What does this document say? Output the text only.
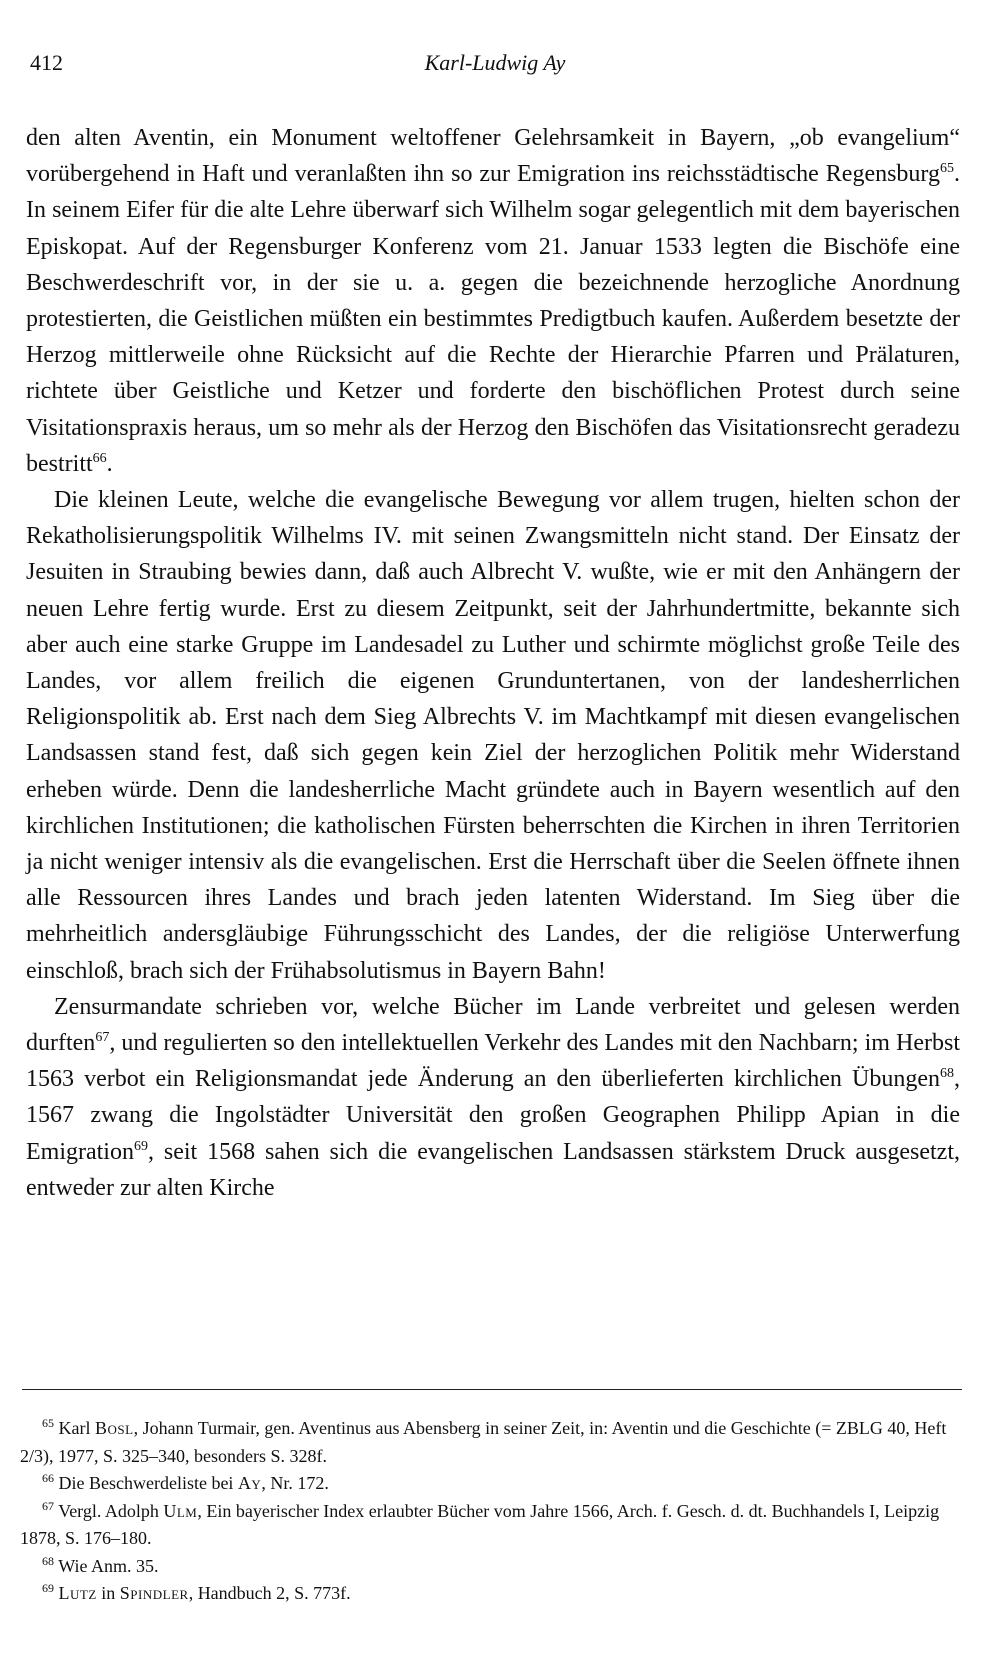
412	Karl-Ludwig Ay

den alten Aventin, ein Monument weltoffener Gelehrsamkeit in Bayern, „ob evangelium“ vorübergehend in Haft und veranlaßten ihn so zur Emigration ins reichsstädtische Regensburg$^{65}$. In seinem Eifer für die alte Lehre überwarf sich Wilhelm sogar gelegentlich mit dem bayerischen Episkopat. Auf der Regensburger Konferenz vom 21. Januar 1533 legten die Bischöfe eine Beschwerdeschrift vor, in der sie u. a. gegen die bezeichnende herzogliche Anordnung protestierten, die Geistlichen müßten ein bestimmtes Predigtbuch kaufen. Außerdem besetzte der Herzog mittlerweile ohne Rücksicht auf die Rechte der Hierarchie Pfarren und Prälaturen, richtete über Geistliche und Ketzer und forderte den bischöflichen Protest durch seine Visitationspraxis heraus, um so mehr als der Herzog den Bischöfen das Visitationsrecht geradezu bestritt$^{66}$.

Die kleinen Leute, welche die evangelische Bewegung vor allem trugen, hielten schon der Rekatholisierungspolitik Wilhelms IV. mit seinen Zwangsmitteln nicht stand. Der Einsatz der Jesuiten in Straubing bewies dann, daß auch Albrecht V. wußte, wie er mit den Anhängern der neuen Lehre fertig wurde. Erst zu diesem Zeitpunkt, seit der Jahrhundertmitte, bekannte sich aber auch eine starke Gruppe im Landesadel zu Luther und schirmte möglichst große Teile des Landes, vor allem freilich die eigenen Grunduntertanen, von der landesherrlichen Religionspolitik ab. Erst nach dem Sieg Albrechts V. im Machtkampf mit diesen evangelischen Landsassen stand fest, daß sich gegen kein Ziel der herzoglichen Politik mehr Widerstand erheben würde. Denn die landesherrliche Macht gründete auch in Bayern wesentlich auf den kirchlichen Institutionen; die katholischen Fürsten beherrschten die Kirchen in ihren Territorien ja nicht weniger intensiv als die evangelischen. Erst die Herrschaft über die Seelen öffnete ihnen alle Ressourcen ihres Landes und brach jeden latenten Widerstand. Im Sieg über die mehrheitlich andersgläubige Führungsschicht des Landes, der die religiöse Unterwerfung einschloß, brach sich der Frühabsolutismus in Bayern Bahn!

Zensurmandate schrieben vor, welche Bücher im Lande verbreitet und gelesen werden durften$^{67}$, und regulierten so den intellektuellen Verkehr des Landes mit den Nachbarn; im Herbst 1563 verbot ein Religionsmandat jede Änderung an den überlieferten kirchlichen Übungen$^{68}$, 1567 zwang die Ingolstädter Universität den großen Geographen Philipp Apian in die Emigration$^{69}$, seit 1568 sahen sich die evangelischen Landsassen stärkstem Druck ausgesetzt, entweder zur alten Kirche

$^{65}$ Karl Bosl, Johann Turmair, gen. Aventinus aus Abensberg in seiner Zeit, in: Aventin und die Geschichte (= ZBLG 40, Heft 2/3), 1977, S. 325–340, besonders S. 328f.

$^{66}$ Die Beschwerdeliste bei Ay, Nr. 172.

$^{67}$ Vergl. Adolph Ulm, Ein bayerischer Index erlaubter Bücher vom Jahre 1566, Arch. f. Gesch. d. dt. Buchhandels I, Leipzig 1878, S. 176–180.

$^{68}$ Wie Anm. 35.

$^{69}$ Lutz in Spindler, Handbuch 2, S. 773f.
